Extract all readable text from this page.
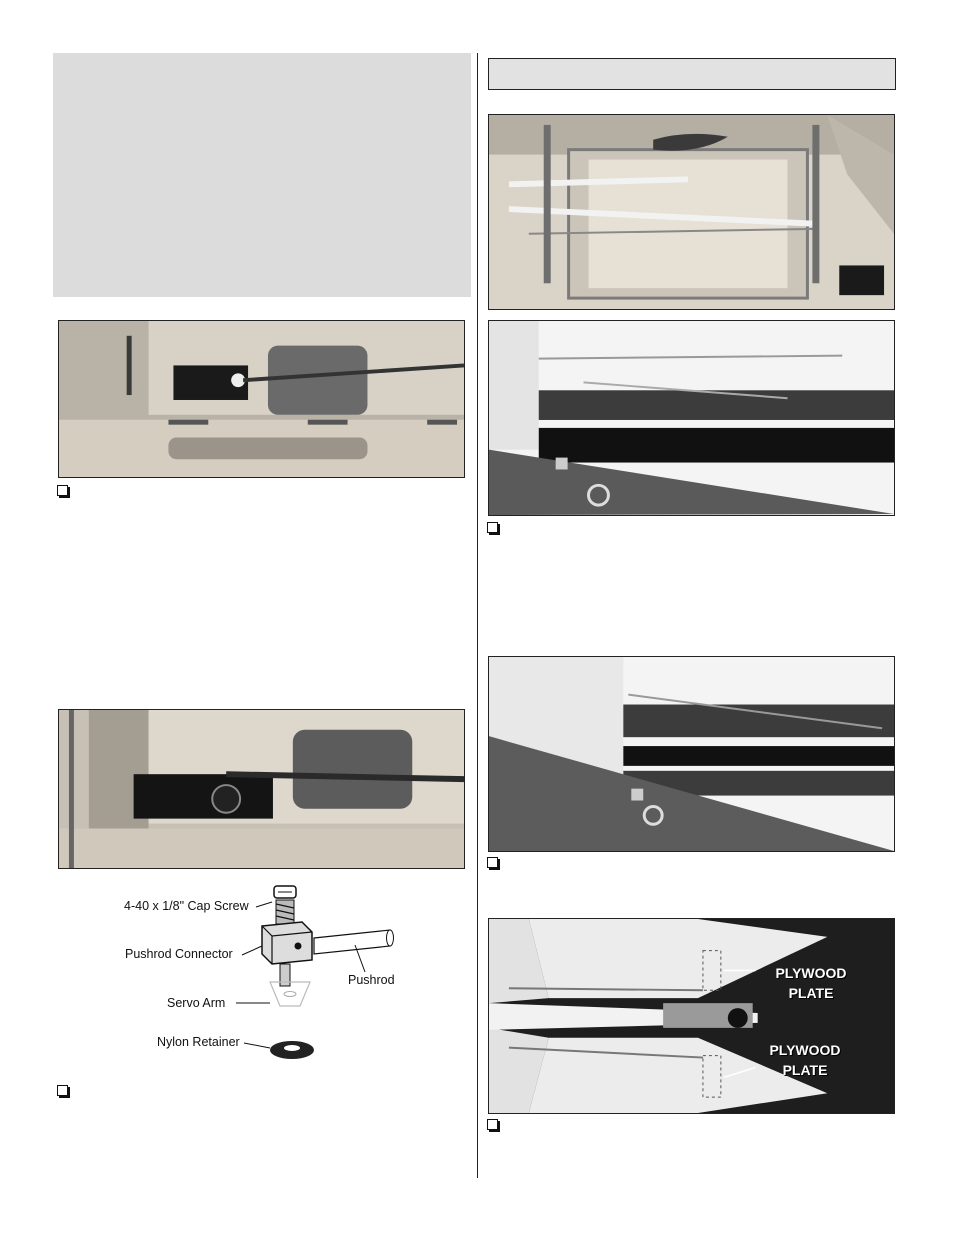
4-40 x 1/8" Cap Screw
Pushrod Connector
Pushrod
Servo Arm
Nylon Retainer
PLYWOOD
PLATE
PLYWOOD
PLATE
